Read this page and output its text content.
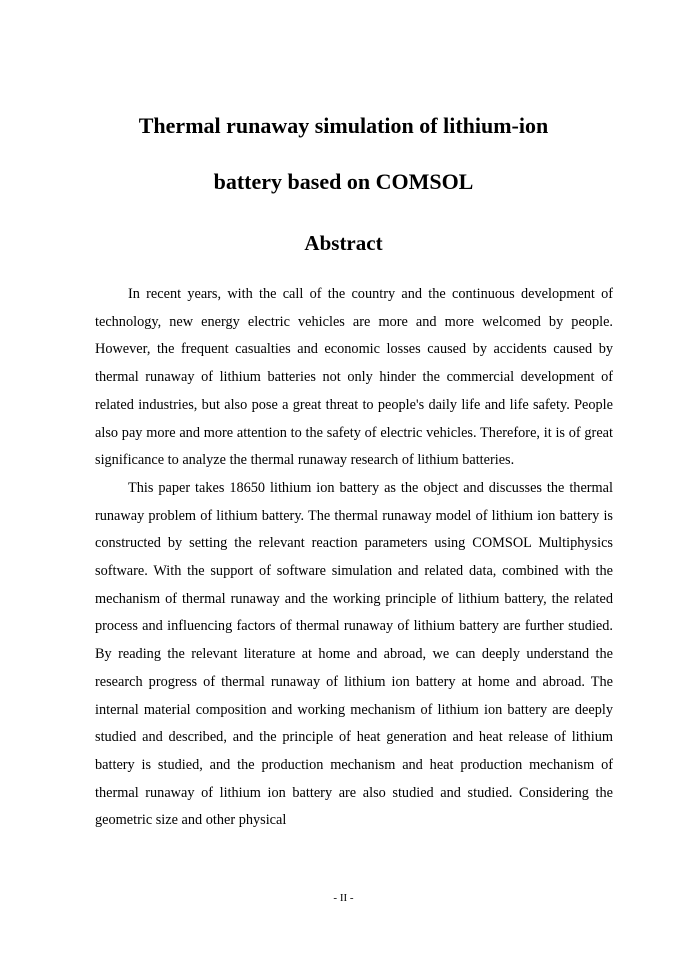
Thermal runaway simulation of lithium-ion
battery based on COMSOL
Abstract

In recent years, with the call of the country and the continuous development of technology, new energy electric vehicles are more and more welcomed by people. However, the frequent casualties and economic losses caused by accidents caused by thermal runaway of lithium batteries not only hinder the commercial development of related industries, but also pose a great threat to people's daily life and life safety. People also pay more and more attention to the safety of electric vehicles. Therefore, it is of great significance to analyze the thermal runaway research of lithium batteries.

This paper takes 18650 lithium ion battery as the object and discusses the thermal runaway problem of lithium battery. The thermal runaway model of lithium ion battery is constructed by setting the relevant reaction parameters using COMSOL Multiphysics software. With the support of software simulation and related data, combined with the mechanism of thermal runaway and the working principle of lithium battery, the related process and influencing factors of thermal runaway of lithium battery are further studied. By reading the relevant literature at home and abroad, we can deeply understand the research progress of thermal runaway of lithium ion battery at home and abroad. The internal material composition and working mechanism of lithium ion battery are deeply studied and described, and the principle of heat generation and heat release of lithium battery is studied, and the production mechanism and heat production mechanism of thermal runaway of lithium ion battery are also studied and studied. Considering the geometric size and other physical

- II -
